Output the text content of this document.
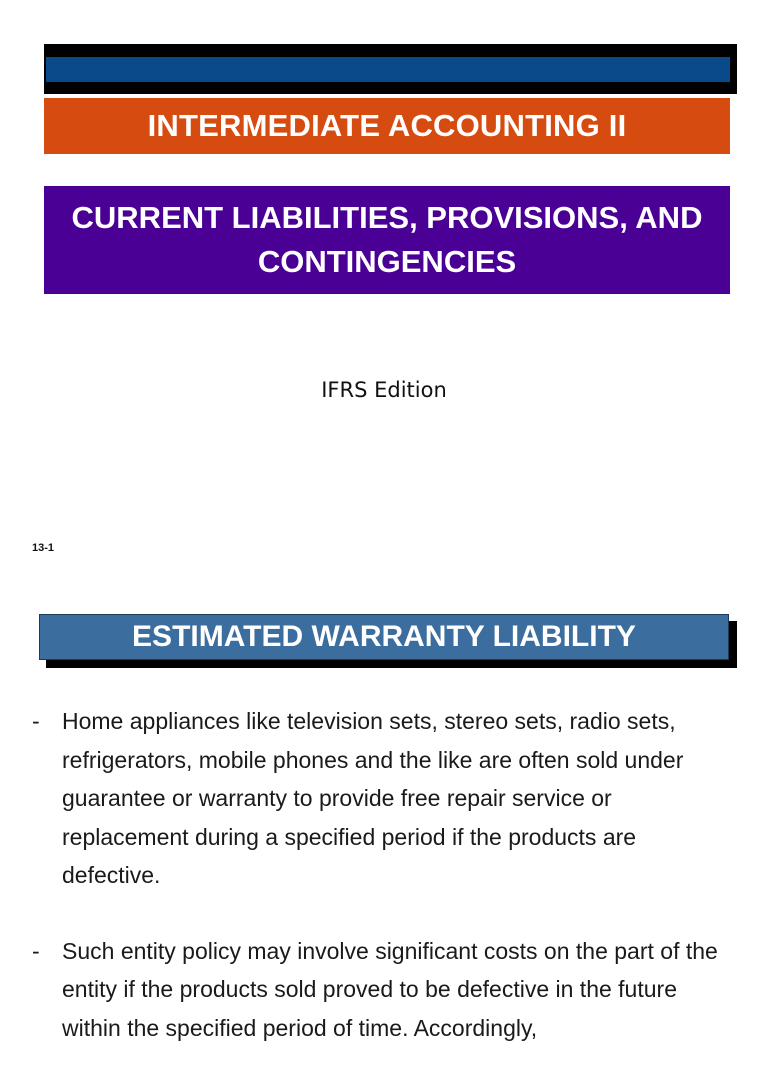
INTERMEDIATE ACCOUNTING II
CURRENT LIABILITIES, PROVISIONS, AND CONTINGENCIES
IFRS Edition
13-1
ESTIMATED WARRANTY LIABILITY
- Home appliances like television sets, stereo sets, radio sets, refrigerators, mobile phones and the like are often sold under guarantee or warranty to provide free repair service or replacement during a specified period if the products are defective.
- Such entity policy may involve significant costs on the part of the entity if the products sold proved to be defective in the future within the specified period of time. Accordingly,
